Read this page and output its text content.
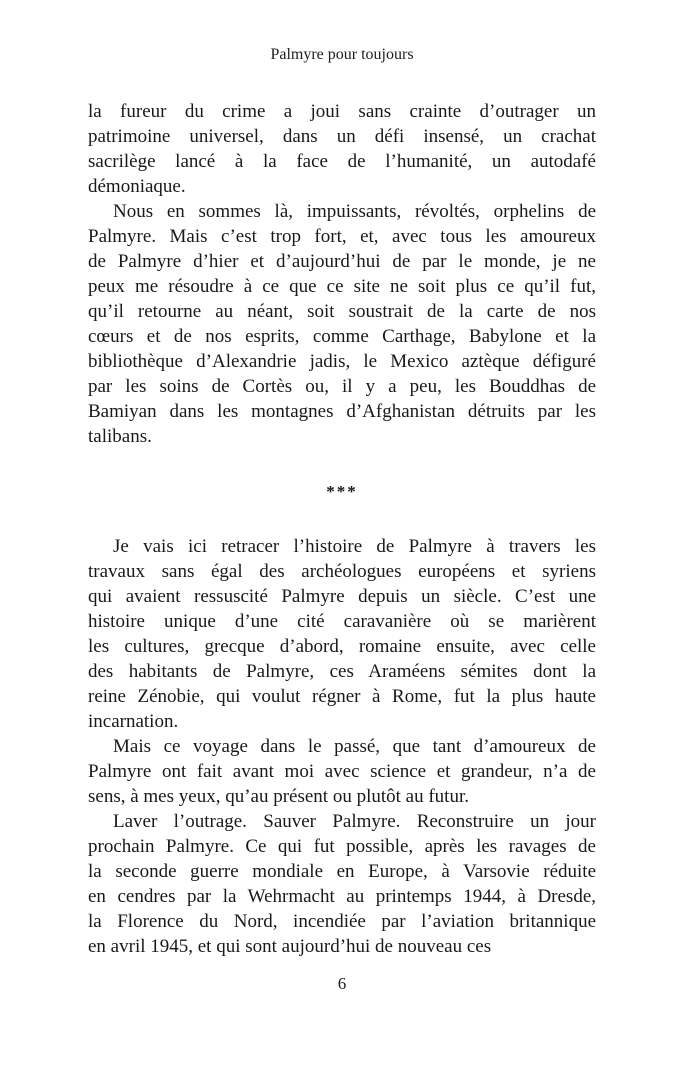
Palmyre pour toujours
la fureur du crime a joui sans crainte d’outrager un
patrimoine universel, dans un défi insensé, un crachat
sacrilège lancé à la face de l’humanité, un autodafé
démoniaque.
Nous en sommes là, impuissants, révoltés, orphelins de
Palmyre. Mais c’est trop fort, et, avec tous les amoureux
de Palmyre d’hier et d’aujourd’hui de par le monde, je ne
peux me résoudre à ce que ce site ne soit plus ce qu’il fut,
qu’il retourne au néant, soit soustrait de la carte de nos
cœurs et de nos esprits, comme Carthage, Babylone et la
bibliothèque d’Alexandrie jadis, le Mexico aztèque défiguré
par les soins de Cortès ou, il y a peu, les Bouddhas de
Bamiyan dans les montagnes d’Afghanistan détruits par les
talibans.
***
Je vais ici retracer l’histoire de Palmyre à travers les
travaux sans égal des archéologues européens et syriens
qui avaient ressuscité Palmyre depuis un siècle. C’est une
histoire unique d’une cité caravanière où se marièrent
les cultures, grecque d’abord, romaine ensuite, avec celle
des habitants de Palmyre, ces Araméens sémites dont la
reine Zénobie, qui voulut régner à Rome, fut la plus haute
incarnation.
Mais ce voyage dans le passé, que tant d’amoureux de
Palmyre ont fait avant moi avec science et grandeur, n’a de
sens, à mes yeux, qu’au présent ou plutôt au futur.
Laver l’outrage. Sauver Palmyre. Reconstruire un jour
prochain Palmyre. Ce qui fut possible, après les ravages de
la seconde guerre mondiale en Europe, à Varsovie réduite
en cendres par la Wehrmacht au printemps 1944, à Dresde,
la Florence du Nord, incendiée par l’aviation britannique
en avril 1945, et qui sont aujourd’hui de nouveau ces
6
